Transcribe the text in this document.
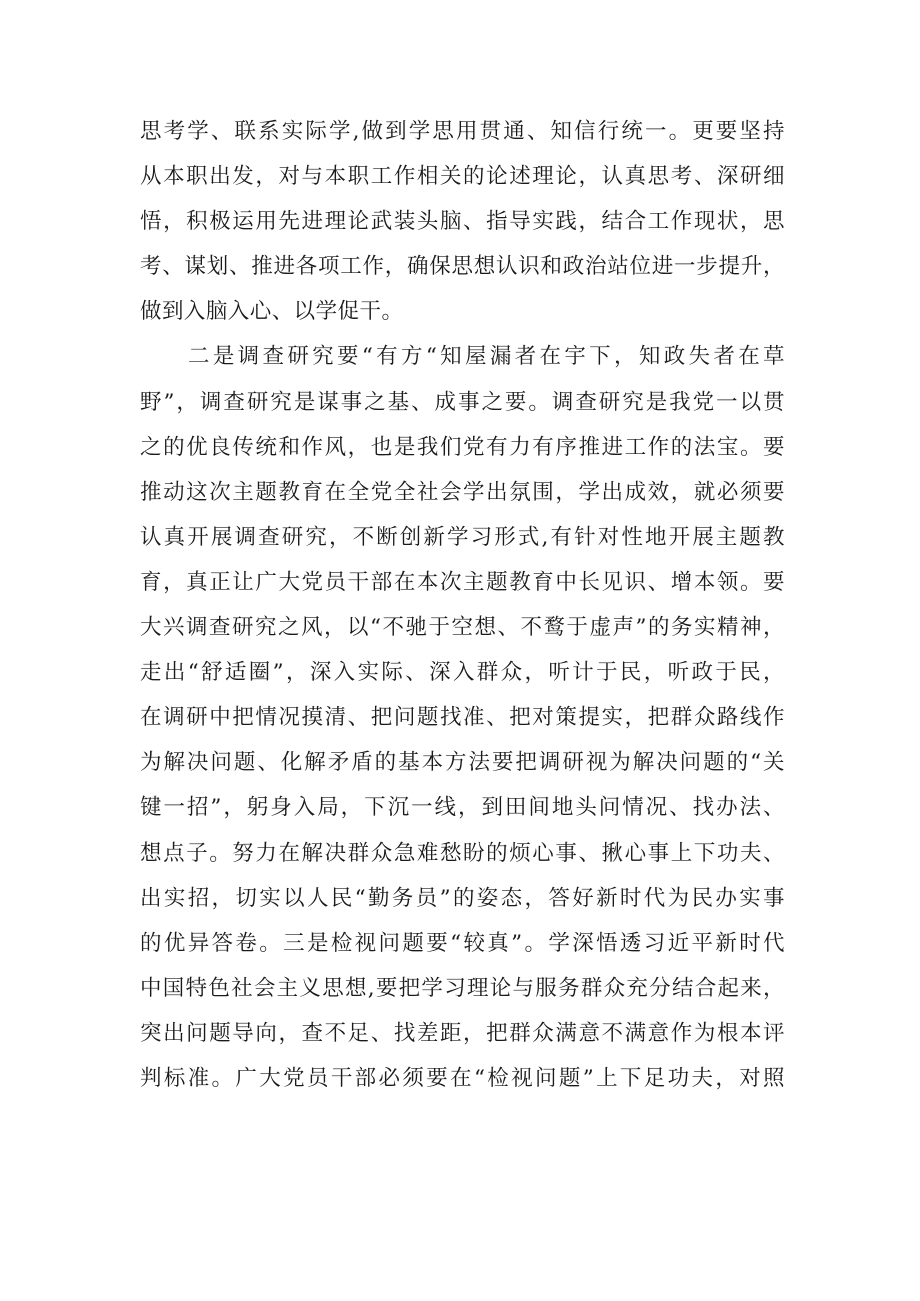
思考学、联系实际学,做到学思用贯通、知信行统一。更要坚持
从本职出发，对与本职工作相关的论述理论，认真思考、深研细
悟，积极运用先进理论武装头脑、指导实践，结合工作现状，思
考、谋划、推进各项工作，确保思想认识和政治站位进一步提升，
做到入脑入心、以学促干。
二是调查研究要“有方“知屋漏者在宇下，知政失者在草
野”，调查研究是谋事之基、成事之要。调查研究是我党一以贯
之的优良传统和作风，也是我们党有力有序推进工作的法宝。要
推动这次主题教育在全党全社会学出氛围，学出成效，就必须要
认真开展调查研究，不断创新学习形式,有针对性地开展主题教
育，真正让广大党员干部在本次主题教育中长见识、增本领。要
大兴调查研究之风，以“不驰于空想、不鹜于虚声”的务实精神，
走出“舒适圈”，深入实际、深入群众，听计于民，听政于民，
在调研中把情况摸清、把问题找准、把对策提实，把群众路线作
为解决问题、化解矛盾的基本方法要把调研视为解决问题的“关
键一招”，躬身入局，下沉一线，到田间地头问情况、找办法、
想点子。努力在解决群众急难愁盼的烦心事、揪心事上下功夫、
出实招，切实以人民“勤务员”的姿态，答好新时代为民办实事
的优异答卷。三是检视问题要“较真”。学深悟透习近平新时代
中国特色社会主义思想,要把学习理论与服务群众充分结合起来，
突出问题导向，查不足、找差距，把群众满意不满意作为根本评
判标准。广大党员干部必须要在“检视问题”上下足功夫，对照
